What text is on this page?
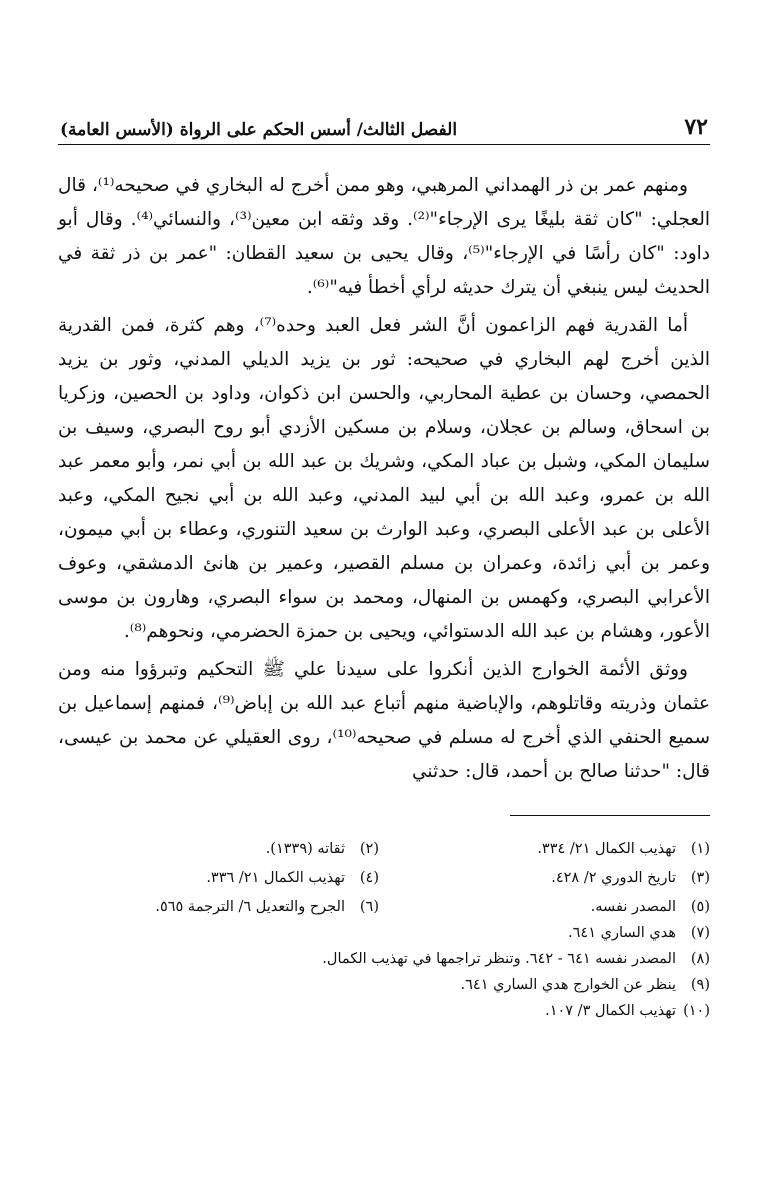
٧٢
الفصل الثالث/ أسس الحكم على الرواة (الأسس العامة)

ومنهم عمر بن ذر الهمداني المرهبي، وهو ممن أخرج له البخاري في صحيحه⁽¹⁾، قال العجلي: "كان ثقة بليغًا يرى الإرجاء"⁽²⁾. وقد وثقه ابن معين⁽³⁾، والنسائي⁽⁴⁾. وقال أبو داود: "كان رأسًا في الإرجاء"⁽⁵⁾، وقال يحيى بن سعيد القطان: "عمر بن ذر ثقة في الحديث ليس ينبغي أن يترك حديثه لرأي أخطأ فيه"⁽⁶⁾.

أما القدرية فهم الزاعمون أنَّ الشر فعل العبد وحده⁽⁷⁾، وهم كثرة، فمن القدرية الذين أخرج لهم البخاري في صحيحه: ثور بن يزيد الديلي المدني، وثور بن يزيد الحمصي، وحسان بن عطية المحاربي، والحسن ابن ذكوان، وداود بن الحصين، وزكريا بن اسحاق، وسالم بن عجلان، وسلام بن مسكين الأزدي أبو روح البصري، وسيف بن سليمان المكي، وشبل بن عباد المكي، وشريك بن عبد الله بن أبي نمر، وأبو معمر عبد الله بن عمرو، وعبد الله بن أبي لبيد المدني، وعبد الله بن أبي نجيح المكي، وعبد الأعلى بن عبد الأعلى البصري، وعبد الوارث بن سعيد التنوري، وعطاء بن أبي ميمون، وعمر بن أبي زائدة، وعمران بن مسلم القصير، وعمير بن هانئ الدمشقي، وعوف الأعرابي البصري، وكهمس بن المنهال، ومحمد بن سواء البصري، وهارون بن موسى الأعور، وهشام بن عبد الله الدستوائي، ويحيى بن حمزة الحضرمي، ونحوهم⁽⁸⁾.

ووثق الأئمة الخوارج الذين أنكروا على سيدنا علي ﷺ التحكيم وتبرؤوا منه ومن عثمان وذريته وقاتلوهم، والإباضية منهم أتباع عبد الله بن إباض⁽⁹⁾، فمنهم إسماعيل بن سميع الحنفي الذي أخرج له مسلم في صحيحه⁽¹⁰⁾، روى العقيلي عن محمد بن عيسى، قال: "حدثنا صالح بن أحمد، قال: حدثني

(١)تهذيب الكمال ٢١/ ٣٣٤.
(٢)ثقاته (١٣٣٩).
(٣)تاريخ الدوري ٢/ ٤٢٨.
(٤)تهذيب الكمال ٢١/ ٣٣٦.
(٥)المصدر نفسه.
(٦)الجرح والتعديل ٦/ الترجمة ٥٦٥.
(٧)هدي الساري ٦٤١.
(٨)المصدر نفسه ٦٤١ - ٦٤٢. وتنظر تراجمها في تهذيب الكمال.
(٩)ينظر عن الخوارج هدي الساري ٦٤١.
(١٠)تهذيب الكمال ٣/ ١٠٧.
